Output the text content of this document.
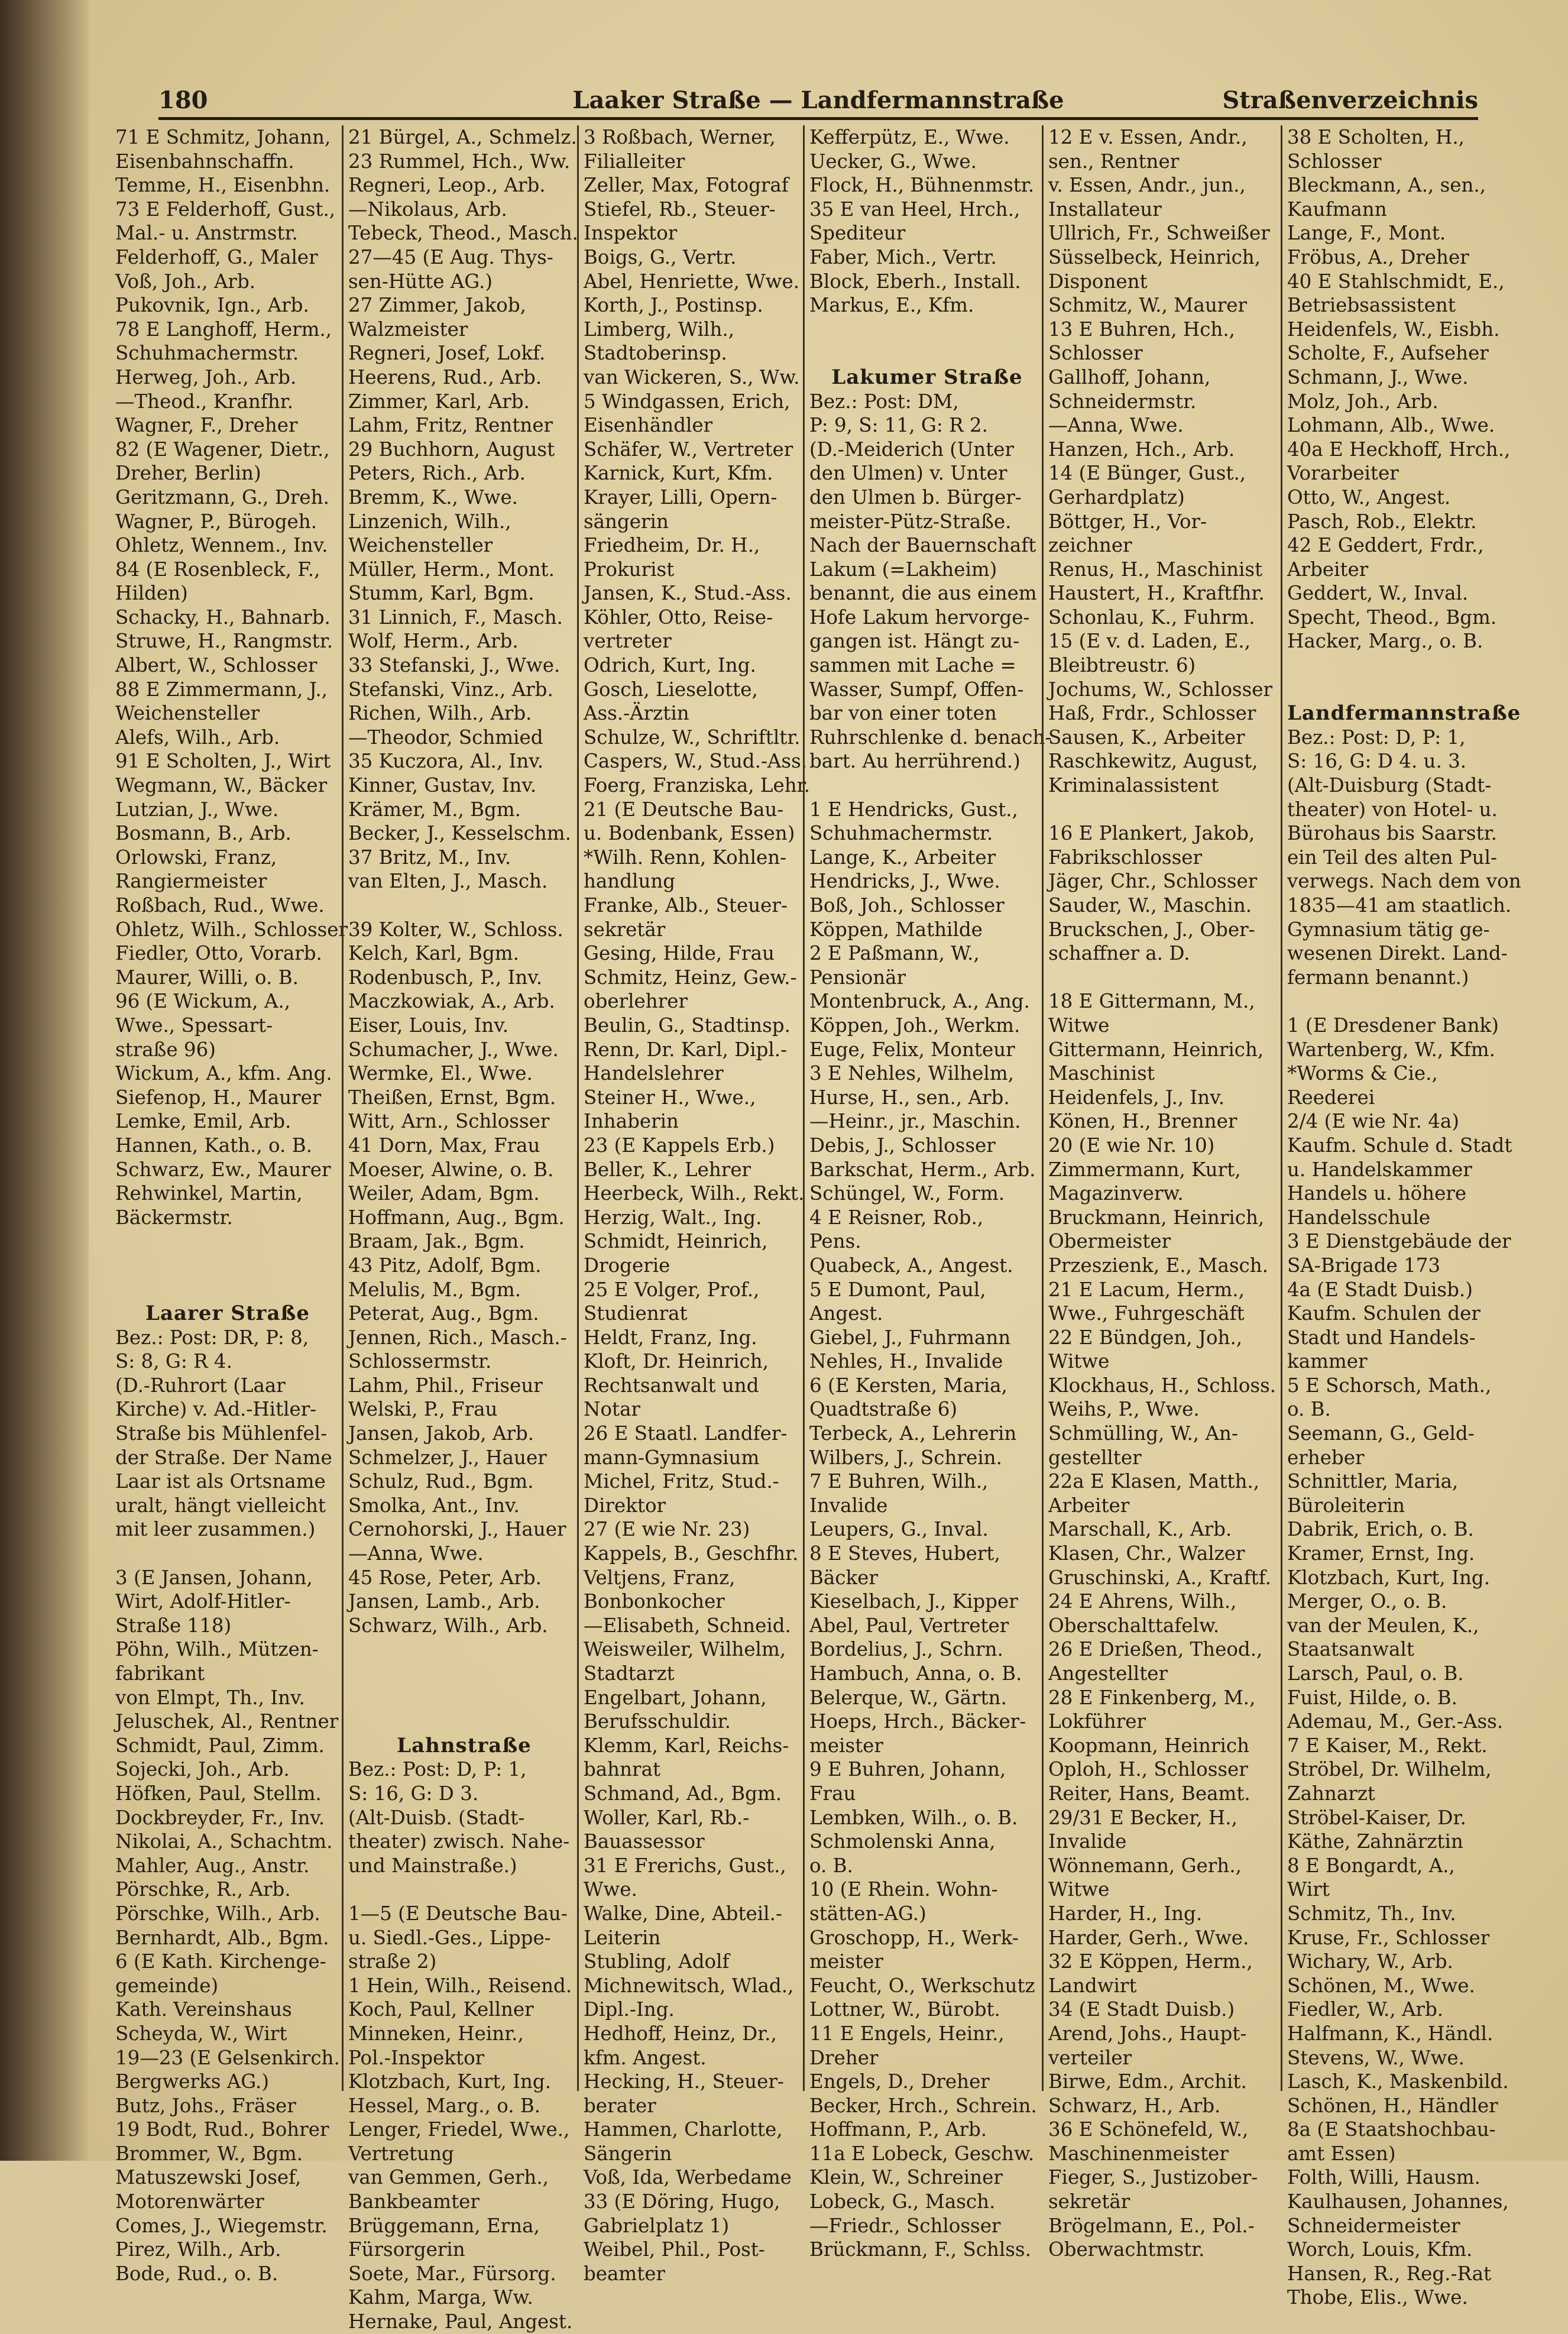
180	Laaker Straße — Landfermannstraße	Straßenverzeichnis
71 E Schmitz, Johann,
Eisenbahnschaffn.
Temme, H., Eisenbhn.
73 E Felderhoff, Gust.,
Mal.- u. Anstrmstr.
Felderhoff, G., Maler
Voß, Joh., Arb.
Pukovnik, Ign., Arb.
78 E Langhoff, Herm.,
Schuhmachermstr.
Herweg, Joh., Arb.
—Theod., Kranfhr.
Wagner, F., Dreher
82 (E Wagener, Dietr.,
Dreher, Berlin)
Geritzmann, G., Dreh.
Wagner, P., Bürogeh.
Ohletz, Wennem., Inv.
84 (E Rosenbleck, F.,
Hilden)
Schacky, H., Bahnarb.
Struwe, H., Rangmstr.
Albert, W., Schlosser
88 E Zimmermann, J.,
Weichensteller
Alefs, Wilh., Arb.
91 E Scholten, J., Wirt
Wegmann, W., Bäcker
Lutzian, J., Wwe.
Bosmann, B., Arb.
Orlowski, Franz,
Rangiermeister
Roßbach, Rud., Wwe.
Ohletz, Wilh., Schlosser
Fiedler, Otto, Vorarb.
Maurer, Willi, o. B.
96 (E Wickum, A.,
Wwe., Spessart-
straße 96)
Wickum, A., kfm. Ang.
Siefenop, H., Maurer
Lemke, Emil, Arb.
Hannen, Kath., o. B.
Schwarz, Ew., Maurer
Rehwinkel, Martin,
Bäckermstr.
Laarer Straße
Bez.: Post: DR, P: 8,
S: 8, G: R 4.
(D.-Ruhrort (Laar
Kirche) v. Ad.-Hitler-
Straße bis Mühlenfel-
der Straße. Der Name
Laar ist als Ortsname
uralt, hängt vielleicht
mit leer zusammen.)
3 (E Jansen, Johann,
Wirt, Adolf-Hitler-
Straße 118)
Pöhn, Wilh., Mützen-
fabrikant
von Elmpt, Th., Inv.
Jeluschek, Al., Rentner
Schmidt, Paul, Zimm.
Sojecki, Joh., Arb.
Höfken, Paul, Stellm.
Dockbreyder, Fr., Inv.
Nikolai, A., Schachtm.
Mahler, Aug., Anstr.
Pörschke, R., Arb.
Pörschke, Wilh., Arb.
Bernhardt, Alb., Bgm.
6 (E Kath. Kirchenge-
gemeinde)
Kath. Vereinshaus
Scheyda, W., Wirt
19—23 (E Gelsenkirch.
Bergwerks AG.)
Butz, Johs., Fräser
19 Bodt, Rud., Bohrer
Brommer, W., Bgm.
Matuszewski Josef,
Motorenwärter
Comes, J., Wiegemstr.
Pirez, Wilh., Arb.
Bode, Rud., o. B.
21 Bürgel, A., Schmelz.
23 Rummel, Hch., Ww.
Regneri, Leop., Arb.
—Nikolaus, Arb.
Tebeck, Theod., Masch.
27—45 (E Aug. Thys-
sen-Hütte AG.)
27 Zimmer, Jakob,
Walzmeister
Regneri, Josef, Lokf.
Heerens, Rud., Arb.
Zimmer, Karl, Arb.
Lahm, Fritz, Rentner
29 Buchhorn, August
Peters, Rich., Arb.
Bremm, K., Wwe.
Linzenich, Wilh.,
Weichensteller
Müller, Herm., Mont.
Stumm, Karl, Bgm.
31 Linnich, F., Masch.
Wolf, Herm., Arb.
33 Stefanski, J., Wwe.
Stefanski, Vinz., Arb.
Richen, Wilh., Arb.
—Theodor, Schmied
35 Kuczora, Al., Inv.
Kinner, Gustav, Inv.
Krämer, M., Bgm.
Becker, J., Kesselschm.
37 Britz, M., Inv.
van Elten, J., Masch.
39 Kolter, W., Schloss.
Kelch, Karl, Bgm.
Rodenbusch, P., Inv.
Maczkowiak, A., Arb.
Eiser, Louis, Inv.
Schumacher, J., Wwe.
Wermke, El., Wwe.
Theißen, Ernst, Bgm.
Witt, Arn., Schlosser
41 Dorn, Max, Frau
Moeser, Alwine, o. B.
Weiler, Adam, Bgm.
Hoffmann, Aug., Bgm.
Braam, Jak., Bgm.
43 Pitz, Adolf, Bgm.
Melulis, M., Bgm.
Peterat, Aug., Bgm.
Jennen, Rich., Masch.-
Schlossermstr.
Lahm, Phil., Friseur
Welski, P., Frau
Jansen, Jakob, Arb.
Schmelzer, J., Hauer
Schulz, Rud., Bgm.
Smolka, Ant., Inv.
Cernohorski, J., Hauer
—Anna, Wwe.
45 Rose, Peter, Arb.
Jansen, Lamb., Arb.
Schwarz, Wilh., Arb.
Lahnstraße
Bez.: Post: D, P: 1,
S: 16, G: D 3.
(Alt-Duisb. (Stadt-
theater) zwisch. Nahe-
und Mainstraße.)
1—5 (E Deutsche Bau-
u. Siedl.-Ges., Lippe-
straße 2)
1 Hein, Wilh., Reisend.
Koch, Paul, Kellner
Minneken, Heinr.,
Pol.-Inspektor
Klotzbach, Kurt, Ing.
Hessel, Marg., o. B.
Lenger, Friedel, Wwe.,
Vertretung
van Gemmen, Gerh.,
Bankbeamter
Brüggemann, Erna,
Fürsorgerin
Soete, Mar., Fürsorg.
Kahm, Marga, Ww.
Hernake, Paul, Angest.
3 Roßbach, Werner,
Filialleiter
Zeller, Max, Fotograf
Stiefel, Rb., Steuer-
Inspektor
Boigs, G., Vertr.
Abel, Henriette, Wwe.
Korth, J., Postinsp.
Limberg, Wilh.,
Stadtoberinsp.
van Wickeren, S., Ww.
5 Windgassen, Erich,
Eisenhändler
Schäfer, W., Vertreter
Karnick, Kurt, Kfm.
Krayer, Lilli, Opern-
sängerin
Friedheim, Dr. H.,
Prokurist
Jansen, K., Stud.-Ass.
Köhler, Otto, Reise-
vertreter
Odrich, Kurt, Ing.
Gosch, Lieselotte,
Ass.-Ärztin
Schulze, W., Schriftltr.
Caspers, W., Stud.-Ass.
Foerg, Franziska, Lehr.
21 (E Deutsche Bau-
u. Bodenbank, Essen)
*Wilh. Renn, Kohlen-
handlung
Franke, Alb., Steuer-
sekretär
Gesing, Hilde, Frau
Schmitz, Heinz, Gew.-
oberlehrer
Beulin, G., Stadtinsp.
Renn, Dr. Karl, Dipl.-
Handelslehrer
Steiner H., Wwe.,
Inhaberin
23 (E Kappels Erb.)
Beller, K., Lehrer
Heerbeck, Wilh., Rekt.
Herzig, Walt., Ing.
Schmidt, Heinrich,
Drogerie
25 E Volger, Prof.,
Studienrat
Heldt, Franz, Ing.
Kloft, Dr. Heinrich,
Rechtsanwalt und
Notar
26 E Staatl. Landfer-
mann-Gymnasium
Michel, Fritz, Stud.-
Direktor
27 (E wie Nr. 23)
Kappels, B., Geschfhr.
Veltjens, Franz,
Bonbonkocher
—Elisabeth, Schneid.
Weisweiler, Wilhelm,
Stadtarzt
Engelbart, Johann,
Berufsschuldir.
Klemm, Karl, Reichs-
bahnrat
Schmand, Ad., Bgm.
Woller, Karl, Rb.-
Bauassessor
31 E Frerichs, Gust.,
Wwe.
Walke, Dine, Abteil.-
Leiterin
Stubling, Adolf
Michnewitsch, Wlad.,
Dipl.-Ing.
Hedhoff, Heinz, Dr.,
kfm. Angest.
Hecking, H., Steuer-
berater
Hammen, Charlotte,
Sängerin
Voß, Ida, Werbedame
33 (E Döring, Hugo,
Gabrielplatz 1)
Weibel, Phil., Post-
beamter
Kefferpütz, E., Wwe.
Uecker, G., Wwe.
Flock, H., Bühnenmstr.
35 E van Heel, Hrch.,
Spediteur
Faber, Mich., Vertr.
Block, Eberh., Install.
Markus, E., Kfm.
Lakumer Straße
Bez.: Post: DM,
P: 9, S: 11, G: R 2.
(D.-Meiderich (Unter
den Ulmen) v. Unter
den Ulmen b. Bürger-
meister-Pütz-Straße.
Nach der Bauernschaft
Lakum (=Lakheim)
benannt, die aus einem
Hofe Lakum hervorge-
gangen ist. Hängt zu-
sammen mit Lache =
Wasser, Sumpf, Offen-
bar von einer toten
Ruhrschlenke d. benach-
bart. Au herrührend.)
1 E Hendricks, Gust.,
Schuhmachermstr.
Lange, K., Arbeiter
Hendricks, J., Wwe.
Boß, Joh., Schlosser
Köppen, Mathilde
2 E Paßmann, W.,
Pensionär
Montenbruck, A., Ang.
Köppen, Joh., Werkm.
Euge, Felix, Monteur
3 E Nehles, Wilhelm,
Hurse, H., sen., Arb.
—Heinr., jr., Maschin.
Debis, J., Schlosser
Barkschat, Herm., Arb.
Schüngel, W., Form.
4 E Reisner, Rob.,
Pens.
Quabeck, A., Angest.
5 E Dumont, Paul,
Angest.
Giebel, J., Fuhrmann
Nehles, H., Invalide
6 (E Kersten, Maria,
Quadtstraße 6)
Terbeck, A., Lehrerin
Wilbers, J., Schrein.
7 E Buhren, Wilh.,
Invalide
Leupers, G., Inval.
8 E Steves, Hubert,
Bäcker
Kieselbach, J., Kipper
Abel, Paul, Vertreter
Bordelius, J., Schrn.
Hambuch, Anna, o. B.
Belerque, W., Gärtn.
Hoeps, Hrch., Bäcker-
meister
9 E Buhren, Johann,
Frau
Lembken, Wilh., o. B.
Schmolenski Anna,
o. B.
10 (E Rhein. Wohn-
stätten-AG.)
Groschopp, H., Werk-
meister
Feucht, O., Werkschutz
Lottner, W., Bürobt.
11 E Engels, Heinr.,
Dreher
Engels, D., Dreher
Becker, Hrch., Schrein.
Hoffmann, P., Arb.
11a E Lobeck, Geschw.
Klein, W., Schreiner
Lobeck, G., Masch.
—Friedr., Schlosser
Brückmann, F., Schlss.
12 E v. Essen, Andr.,
sen., Rentner
v. Essen, Andr., jun.,
Installateur
Ullrich, Fr., Schweißer
Süsselbeck, Heinrich,
Disponent
Schmitz, W., Maurer
13 E Buhren, Hch.,
Schlosser
Gallhoff, Johann,
Schneidermstr.
—Anna, Wwe.
Hanzen, Hch., Arb.
14 (E Bünger, Gust.,
Gerhardplatz)
Böttger, H., Vor-
zeichner
Renus, H., Maschinist
Haustert, H., Kraftfhr.
Schonlau, K., Fuhrm.
15 (E v. d. Laden, E.,
Bleibtreustr. 6)
Jochums, W., Schlosser
Haß, Frdr., Schlosser
Sausen, K., Arbeiter
Raschkewitz, August,
Kriminalassistent
16 E Plankert, Jakob,
Fabrikschlosser
Jäger, Chr., Schlosser
Sauder, W., Maschin.
Bruckschen, J., Ober-
schaffner a. D.
18 E Gittermann, M.,
Witwe
Gittermann, Heinrich,
Maschinist
Heidenfels, J., Inv.
Könen, H., Brenner
20 (E wie Nr. 10)
Zimmermann, Kurt,
Magazinverw.
Bruckmann, Heinrich,
Obermeister
Przeszienk, E., Masch.
21 E Lacum, Herm.,
Wwe., Fuhrgeschäft
22 E Bündgen, Joh.,
Witwe
Klockhaus, H., Schloss.
Weihs, P., Wwe.
Schmülling, W., An-
gestellter
22a E Klasen, Matth.,
Arbeiter
Marschall, K., Arb.
Klasen, Chr., Walzer
Gruschinski, A., Kraftf.
24 E Ahrens, Wilh.,
Oberschalttafelw.
26 E Drießen, Theod.,
Angestellter
28 E Finkenberg, M.,
Lokführer
Koopmann, Heinrich
Oploh, H., Schlosser
Reiter, Hans, Beamt.
29/31 E Becker, H.,
Invalide
Wönnemann, Gerh.,
Witwe
Harder, H., Ing.
Harder, Gerh., Wwe.
32 E Köppen, Herm.,
Landwirt
34 (E Stadt Duisb.)
Arend, Johs., Haupt-
verteiler
Birwe, Edm., Archit.
Schwarz, H., Arb.
36 E Schönefeld, W.,
Maschinenmeister
Fieger, S., Justizober-
sekretär
Brögelmann, E., Pol.-
Oberwachtmstr.
38 E Scholten, H.,
Schlosser
Bleckmann, A., sen.,
Kaufmann
Lange, F., Mont.
Fröbus, A., Dreher
40 E Stahlschmidt, E.,
Betriebsassistent
Heidenfels, W., Eisbh.
Scholte, F., Aufseher
Schmann, J., Wwe.
Molz, Joh., Arb.
Lohmann, Alb., Wwe.
40a E Heckhoff, Hrch.,
Vorarbeiter
Otto, W., Angest.
Pasch, Rob., Elektr.
42 E Geddert, Frdr.,
Arbeiter
Geddert, W., Inval.
Specht, Theod., Bgm.
Hacker, Marg., o. B.
Landfermannstraße
Bez.: Post: D, P: 1,
S: 16, G: D 4. u. 3.
(Alt-Duisburg (Stadt-
theater) von Hotel- u.
Bürohaus bis Saarstr.
ein Teil des alten Pul-
verwegs. Nach dem von
1835—41 am staatlich.
Gymnasium tätig ge-
wesenen Direkt. Land-
fermann benannt.)
1 (E Dresdener Bank)
Wartenberg, W., Kfm.
*Worms & Cie.,
Reederei
2/4 (E wie Nr. 4a)
Kaufm. Schule d. Stadt
u. Handelskammer
Handels u. höhere
Handelsschule
3 E Dienstgebäude der
SA-Brigade 173
4a (E Stadt Duisb.)
Kaufm. Schulen der
Stadt und Handels-
kammer
5 E Schorsch, Math.,
o. B.
Seemann, G., Geld-
erheber
Schnittler, Maria,
Büroleiterin
Dabrik, Erich, o. B.
Kramer, Ernst, Ing.
Klotzbach, Kurt, Ing.
Merger, O., o. B.
van der Meulen, K.,
Staatsanwalt
Larsch, Paul, o. B.
Fuist, Hilde, o. B.
Ademau, M., Ger.-Ass.
7 E Kaiser, M., Rekt.
Ströbel, Dr. Wilhelm,
Zahnarzt
Ströbel-Kaiser, Dr.
Käthe, Zahnärztin
8 E Bongardt, A.,
Wirt
Schmitz, Th., Inv.
Kruse, Fr., Schlosser
Wichary, W., Arb.
Schönen, M., Wwe.
Fiedler, W., Arb.
Halfmann, K., Händl.
Stevens, W., Wwe.
Lasch, K., Maskenbild.
Schönen, H., Händler
8a (E Staatshochbau-
amt Essen)
Folth, Willi, Hausm.
Kaulhausen, Johannes,
Schneidermeister
Worch, Louis, Kfm.
Hansen, R., Reg.-Rat
Thobe, Elis., Wwe.
